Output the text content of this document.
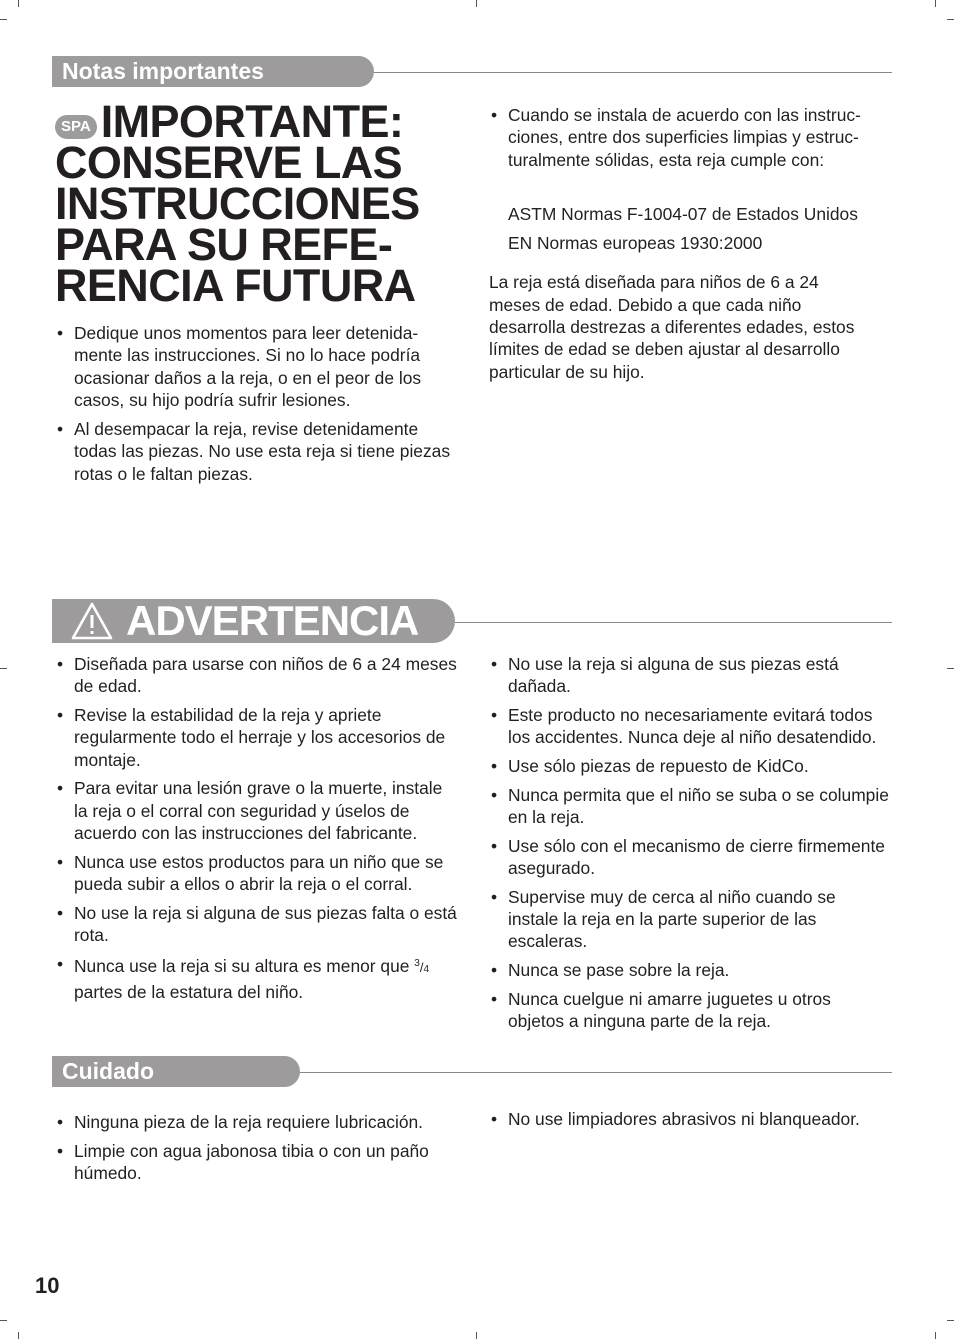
Notas importantes
SPA IMPORTANTE: CONSERVE LAS INSTRUCCIONES PARA SU REFE- RENCIA FUTURA
• Dedique unos momentos para leer detenida- mente las instrucciones. Si no lo hace podría ocasionar daños a la reja, o en el peor de los casos, su hijo podría sufrir lesiones.
• Al desempacar la reja, revise detenidamente todas las piezas. No use esta reja si tiene piezas rotas o le faltan piezas.
• Cuando se instala de acuerdo con las instruc- ciones, entre dos superficies limpias y estruc- turalmente sólidas, esta reja cumple con:
ASTM Normas F-1004-07 de Estados Unidos
EN Normas europeas 1930:2000

La reja está diseñada para niños de 6 a 24 meses de edad. Debido a que cada niño desarrolla destrezas a diferentes edades, estos límites de edad se deben ajustar al desarrollo particular de su hijo.

ADVERTENCIA
• Diseñada para usarse con niños de 6 a 24 meses de edad.
• Revise la estabilidad de la reja y apriete regularmente todo el herraje y los accesorios de montaje.
• Para evitar una lesión grave o la muerte, instale la reja o el corral con seguridad y úselos de acuerdo con las instrucciones del fabricante.
• Nunca use estos productos para un niño que se pueda subir a ellos o abrir la reja o el corral.
• No use la reja si alguna de sus piezas falta o está rota.
• Nunca use la reja si su altura es menor que $^3$/4 partes de la estatura del niño.
• No use la reja si alguna de sus piezas está dañada.
• Este producto no necesariamente evitará todos los accidentes. Nunca deje al niño desatendido.
• Use sólo piezas de repuesto de KidCo.
• Nunca permita que el niño se suba o se columpie en la reja.
• Use sólo con el mecanismo de cierre firmemente asegurado.
• Supervise muy de cerca al niño cuando se instale la reja en la parte superior de las escaleras.
• Nunca se pase sobre la reja.
• Nunca cuelgue ni amarre juguetes u otros objetos a ninguna parte de la reja.
Cuidado
• Ninguna pieza de la reja requiere lubricación.
• Limpie con agua jabonosa tibia o con un paño húmedo.
• No use limpiadores abrasivos ni blanqueador.
10
